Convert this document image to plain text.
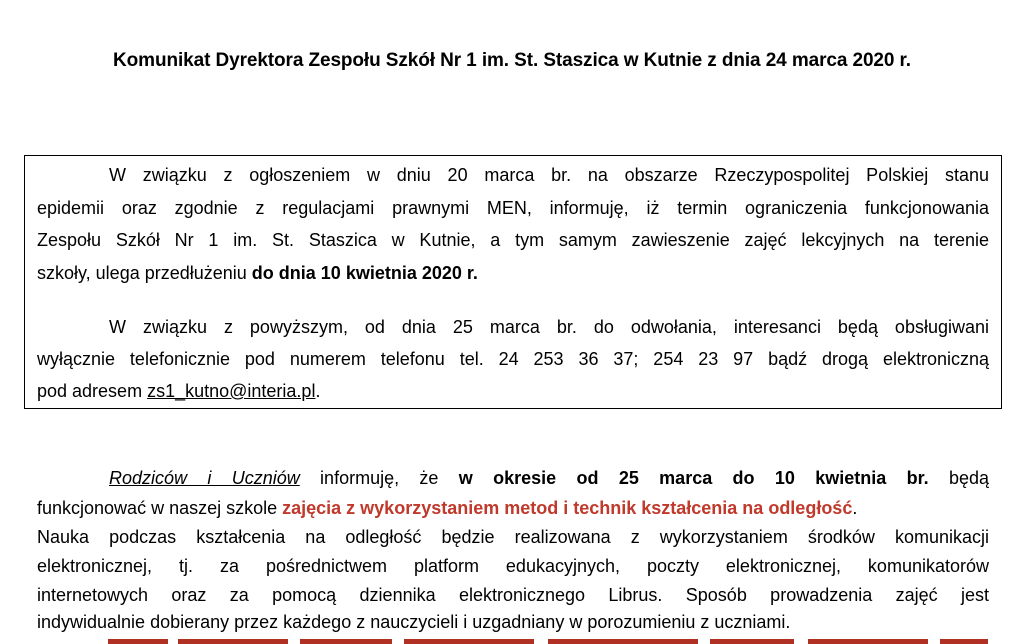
Komunikat Dyrektora Zespołu Szkół Nr 1 im. St. Staszica w Kutnie z dnia 24 marca 2020 r.
W związku z ogłoszeniem w dniu 20 marca br. na obszarze Rzeczypospolitej Polskiej stanu
epidemii oraz zgodnie z regulacjami prawnymi MEN, informuję, iż termin ograniczenia funkcjonowania
Zespołu Szkół Nr 1 im. St. Staszica w Kutnie, a tym samym zawieszenie zajęć lekcyjnych na terenie
szkoły, ulega przedłużeniu do dnia 10 kwietnia 2020 r.
W związku z powyższym, od dnia 25 marca br. do odwołania, interesanci będą obsługiwani
wyłącznie telefonicznie pod numerem telefonu tel. 24 253 36 37; 254 23 97 bądź drogą elektroniczną
pod adresem zs1_kutno@interia.pl.
Rodziców i Uczniów informuję, że w okresie od 25 marca do 10 kwietnia br. będą
funkcjonować w naszej szkole zajęcia z wykorzystaniem metod i technik kształcenia na odległość.
Nauka podczas kształcenia na odległość będzie realizowana z wykorzystaniem środków komunikacji
elektronicznej, tj. za pośrednictwem platform edukacyjnych, poczty elektronicznej, komunikatorów
internetowych oraz za pomocą dziennika elektronicznego Librus. Sposób prowadzenia zajęć jest
indywidualnie dobierany przez każdego z nauczycieli i uzgadniany w porozumieniu z uczniami.
